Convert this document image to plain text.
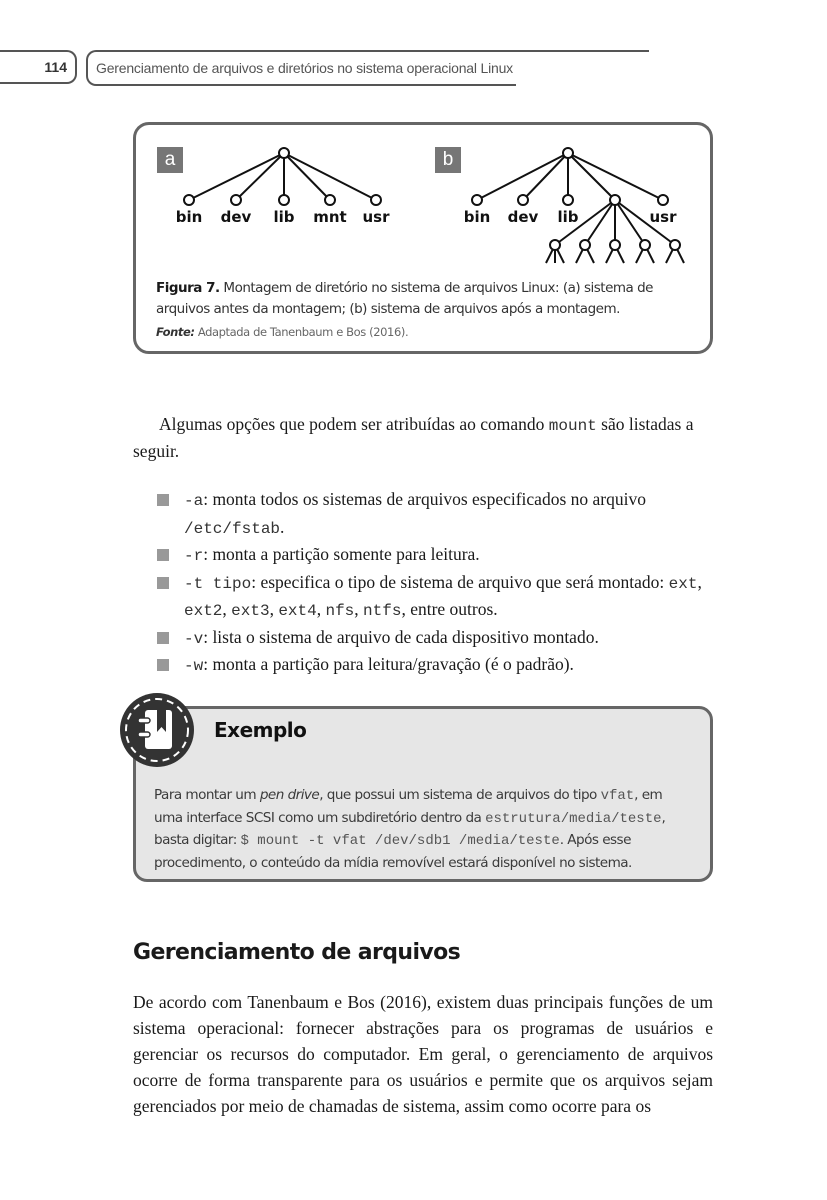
114 Gerenciamento de arquivos e diretórios no sistema operacional Linux
bin dev lib mnt usr	bin dev lib	usr
a	b
Figura 7. Montagem de diretório no sistema de arquivos Linux: (a) sistema de arquivos antes da montagem; (b) sistema de arquivos após a montagem.
Fonte: Adaptada de Tanenbaum e Bos (2016).
Algumas opções que podem ser atribuídas ao comando mount são listadas a seguir.
-a: monta todos os sistemas de arquivos especificados no arquivo /etc/fstab.
-r: monta a partição somente para leitura.
-t tipo: especifica o tipo de sistema de arquivo que será montado: ext, ext2, ext3, ext4, nfs, ntfs, entre outros.
-v: lista o sistema de arquivo de cada dispositivo montado.
-w: monta a partição para leitura/gravação (é o padrão).
Exemplo
Para montar um pen drive, que possui um sistema de arquivos do tipo vfat, em uma interface SCSI como um subdiretório dentro da estrutura/media/teste, basta digitar: $ mount -t vfat /dev/sdb1 /media/teste. Após esse procedimento, o conteúdo da mídia removível estará disponível no sistema.
Gerenciamento de arquivos
De acordo com Tanenbaum e Bos (2016), existem duas principais funções de um sistema operacional: fornecer abstrações para os programas de usuários e gerenciar os recursos do computador. Em geral, o gerenciamento de arquivos ocorre de forma transparente para os usuários e permite que os arquivos sejam gerenciados por meio de chamadas de sistema, assim como ocorre para os
